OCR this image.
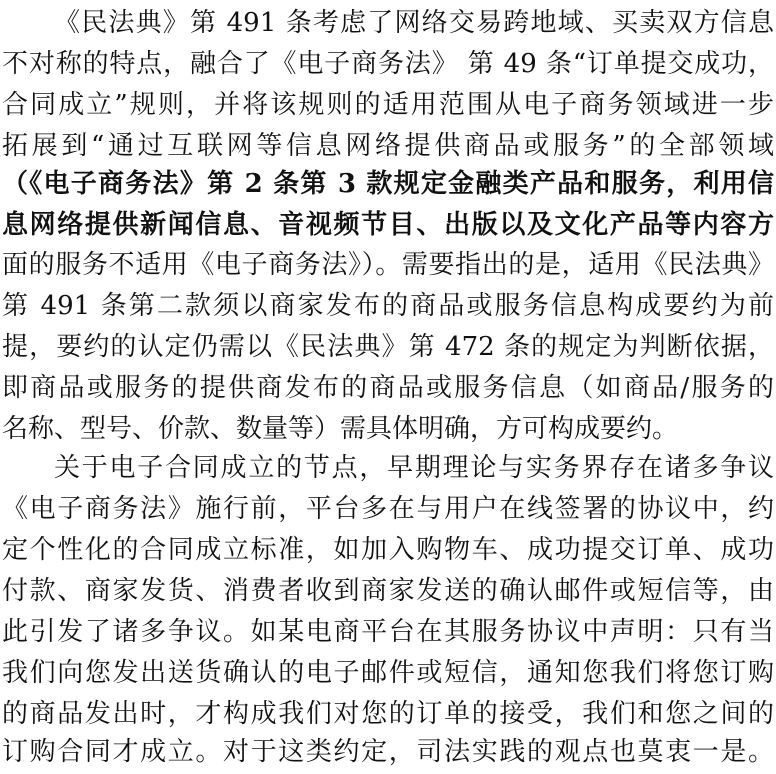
《民法典》第 491 条考虑了网络交易跨地域、买卖双方信息
不对称的特点，融合了《电子商务法》 第 49 条“订单提交成功，
合同成立”规则，并将该规则的适用范围从电子商务领域进一步
拓展到“通过互联网等信息网络提供商品或服务”的全部领域
（《电子商务法》第 2 条第 3 款规定金融类产品和服务，利用信
息网络提供新闻信息、音视频节目、出版以及文化产品等内容方
面的服务不适用《电子商务法》）。需要指出的是，适用《民法典》
第 491 条第二款须以商家发布的商品或服务信息构成要约为前
提，要约的认定仍需以《民法典》第 472 条的规定为判断依据，
即商品或服务的提供商发布的商品或服务信息（如商品/服务的
名称、型号、价款、数量等）需具体明确，方可构成要约。
关于电子合同成立的节点，早期理论与实务界存在诸多争议
《电子商务法》施行前，平台多在与用户在线签署的协议中，约
定个性化的合同成立标准，如加入购物车、成功提交订单、成功
付款、商家发货、消费者收到商家发送的确认邮件或短信等，由
此引发了诸多争议。如某电商平台在其服务协议中声明：只有当
我们向您发出送货确认的电子邮件或短信，通知您我们将您订购
的商品发出时，才构成我们对您的订单的接受，我们和您之间的
订购合同才成立。对于这类约定，司法实践的观点也莫衷一是。
